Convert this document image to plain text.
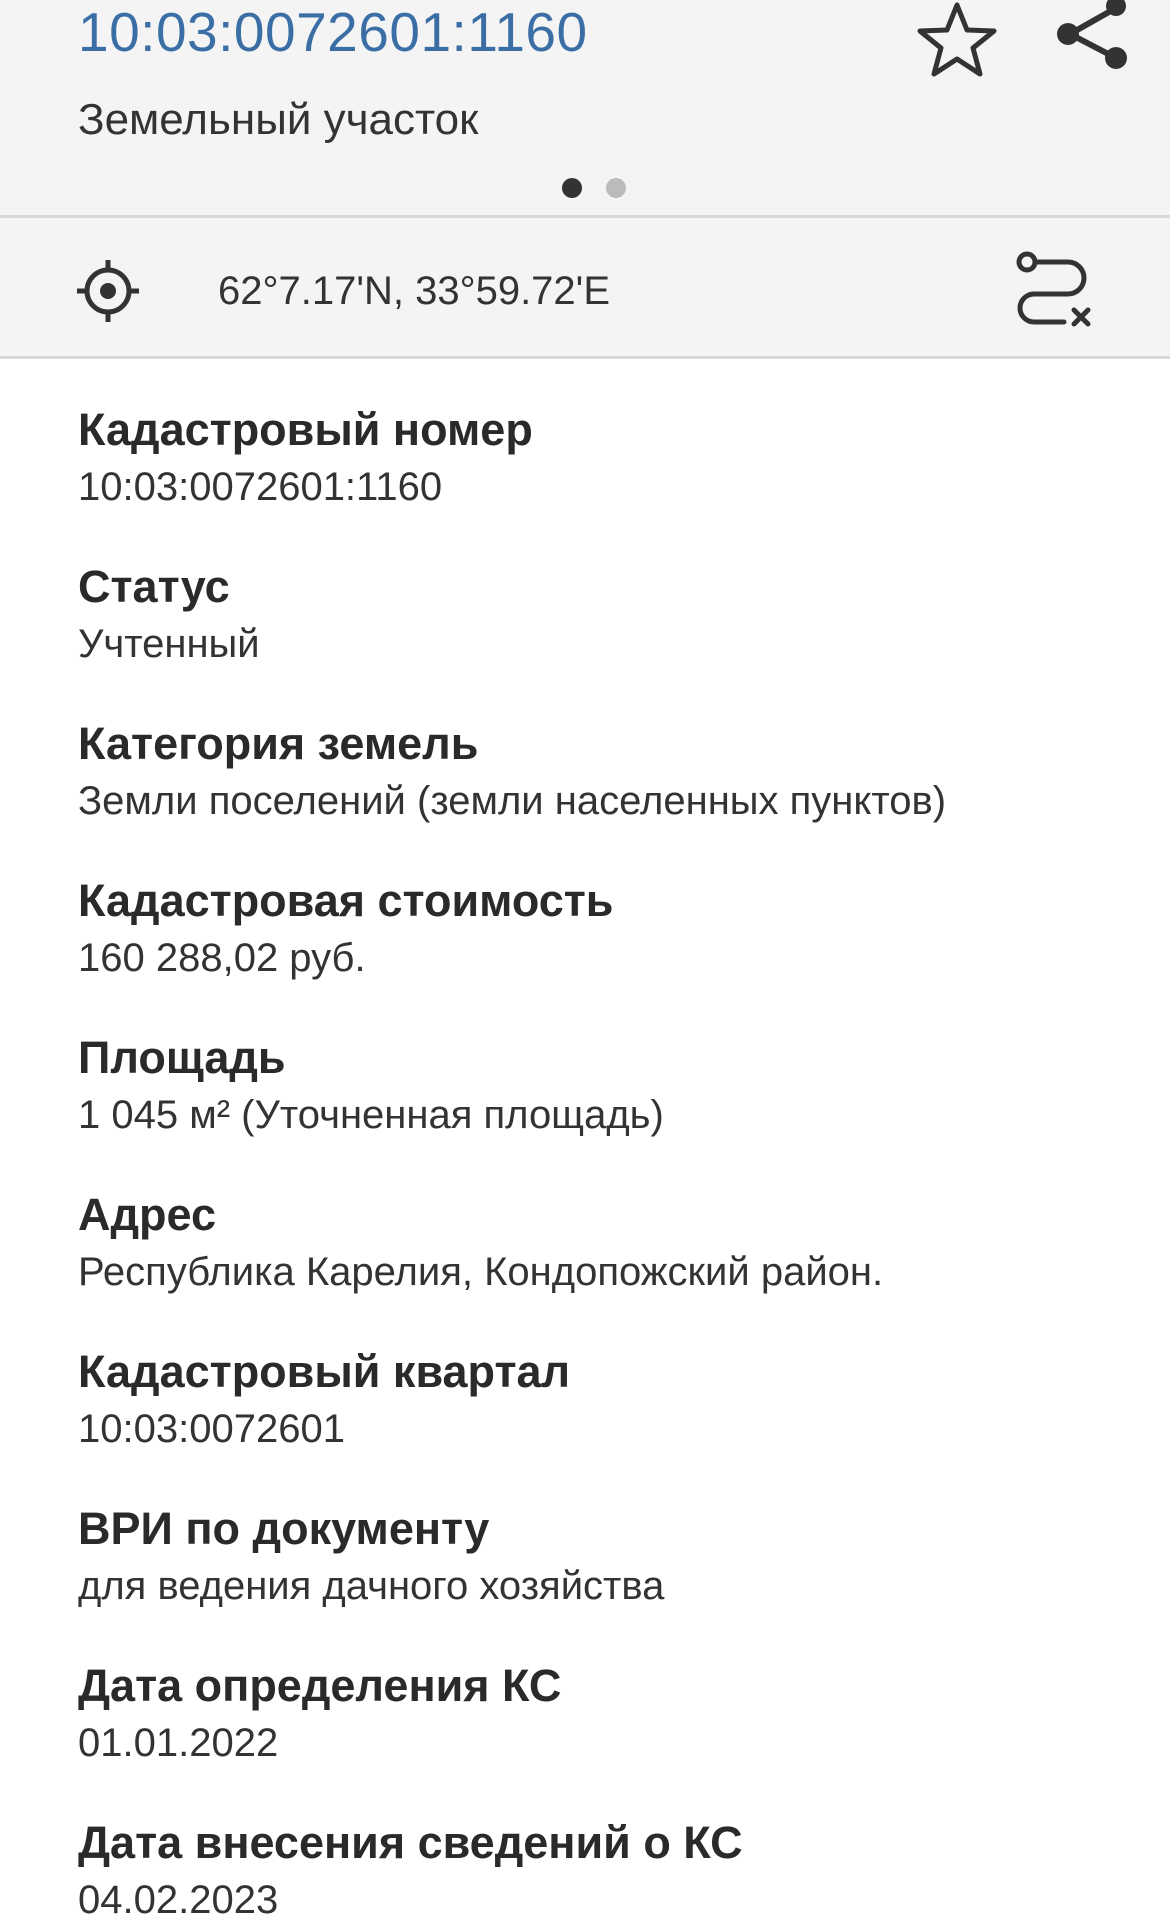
10:03:0072601:1160
Земельный участок
62°7.17'N, 33°59.72'E
Кадастровый номер
10:03:0072601:1160
Статус
Учтенный
Категория земель
Земли поселений (земли населенных пунктов)
Кадастровая стоимость
160 288,02 руб.
Площадь
1 045 м² (Уточненная площадь)
Адрес
Республика Карелия, Кондопожский район.
Кадастровый квартал
10:03:0072601
ВРИ по документу
для ведения дачного хозяйства
Дата определения КС
01.01.2022
Дата внесения сведений о КС
04.02.2023
